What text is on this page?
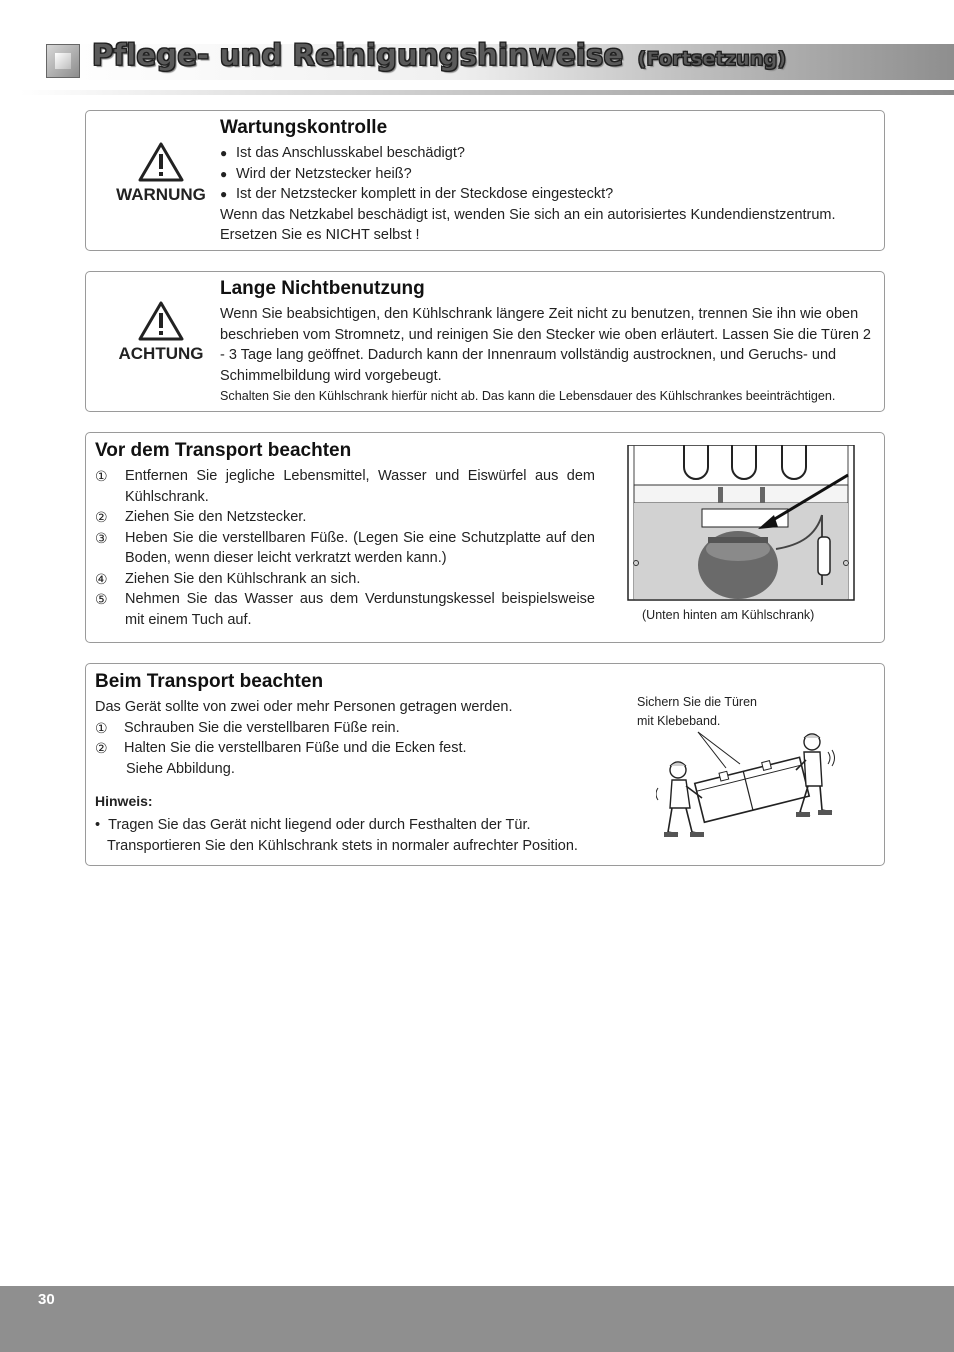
Pflege- und Reinigungshinweise (Fortsetzung)
WARNUNG
Wartungskontrolle
● Ist das Anschlusskabel beschädigt?
● Wird der Netzstecker heiß?
● Ist der Netzstecker komplett in der Steckdose eingesteckt?
Wenn das Netzkabel beschädigt ist, wenden Sie sich an ein autorisiertes Kundendienstzentrum.
Ersetzen Sie es NICHT selbst !
ACHTUNG
Lange Nichtbenutzung
Wenn Sie beabsichtigen, den Kühlschrank längere Zeit nicht zu benutzen, trennen Sie ihn wie oben beschrieben vom Stromnetz, und reinigen Sie den Stecker wie oben erläutert. Lassen Sie die Türen 2 - 3 Tage lang geöffnet. Dadurch kann der Innenraum vollständig austrocknen, und Geruchs- und Schimmelbildung wird vorgebeugt.
Schalten Sie den Kühlschrank hierfür nicht ab. Das kann die Lebensdauer des Kühlschrankes beeinträchtigen.
Vor dem Transport beachten
① Entfernen Sie jegliche Lebensmittel, Wasser und Eiswürfel aus dem Kühlschrank.
② Ziehen Sie den Netzstecker.
③ Heben Sie die verstellbaren Füße. (Legen Sie eine Schutzplatte auf den Boden, wenn dieser leicht verkratzt werden kann.)
④ Ziehen Sie den Kühlschrank an sich.
⑤ Nehmen Sie das Wasser aus dem Verdunstungskessel beispielsweise mit einem Tuch auf.	(Unten hinten am Kühlschrank)
Beim Transport beachten
Das Gerät sollte von zwei oder mehr Personen getragen werden.
① Schrauben Sie die verstellbaren Füße rein.
② Halten Sie die verstellbaren Füße und die Ecken fest.
Siehe Abbildung.
Hinweis:
•  Tragen Sie das Gerät nicht liegend oder durch Festhalten der Tür.
Transportieren Sie den Kühlschrank stets in normaler aufrechter Position.
Sichern Sie die Türen
mit Klebeband.
30
